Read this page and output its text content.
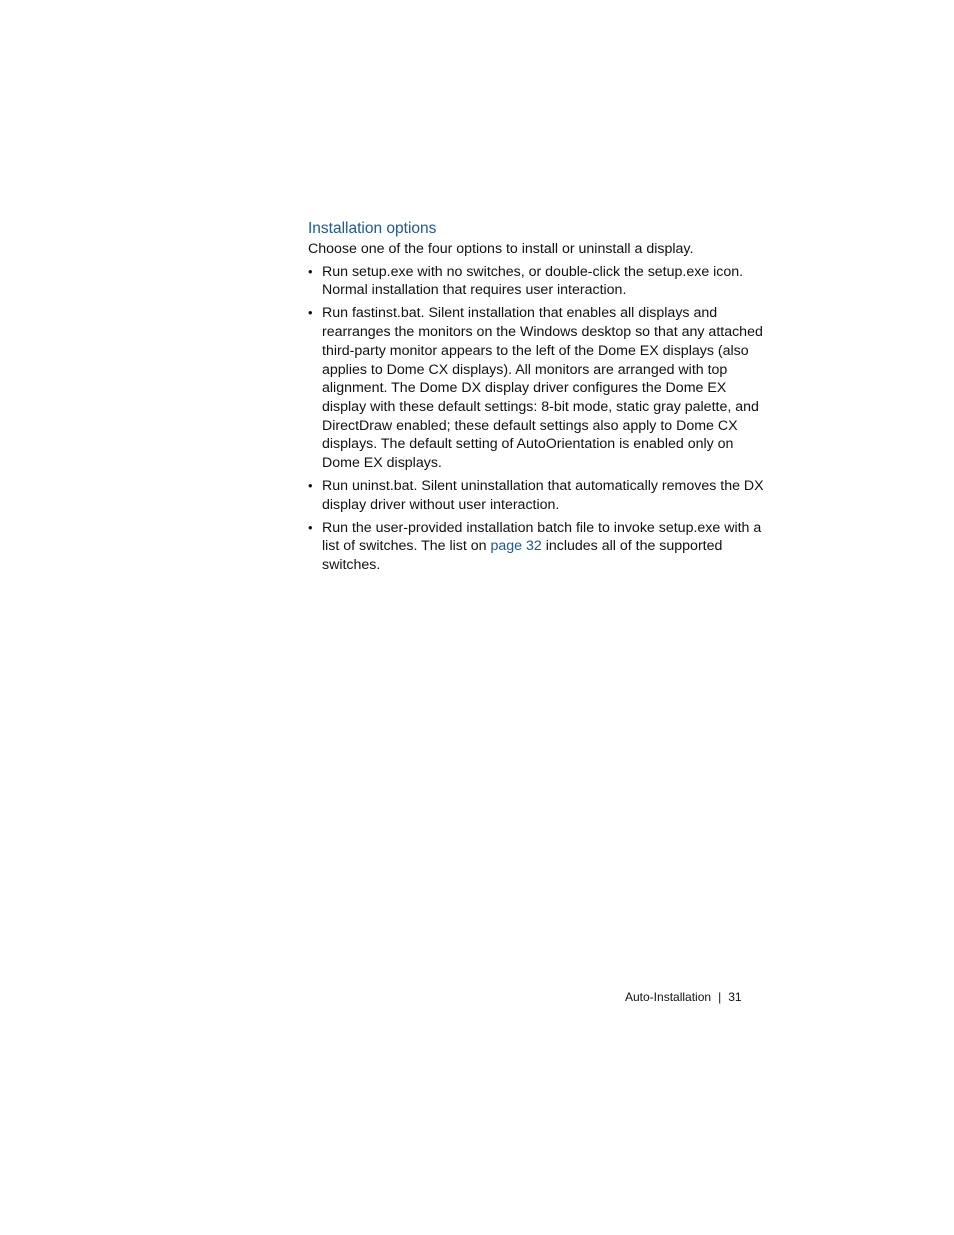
Installation options

Choose one of the four options to install or uninstall a display.

• Run setup.exe with no switches, or double-click the setup.exe icon. Normal installation that requires user interaction.
• Run fastinst.bat. Silent installation that enables all displays and rearranges the monitors on the Windows desktop so that any attached third-party monitor appears to the left of the Dome EX displays (also applies to Dome CX displays). All monitors are arranged with top alignment. The Dome DX display driver configures the Dome EX display with these default settings: 8-bit mode, static gray palette, and DirectDraw enabled; these default settings also apply to Dome CX displays. The default setting of AutoOrientation is enabled only on Dome EX displays.
• Run uninst.bat. Silent uninstallation that automatically removes the DX display driver without user interaction.
• Run the user-provided installation batch file to invoke setup.exe with a list of switches. The list on page 32 includes all of the supported switches.
Auto-Installation | 31
